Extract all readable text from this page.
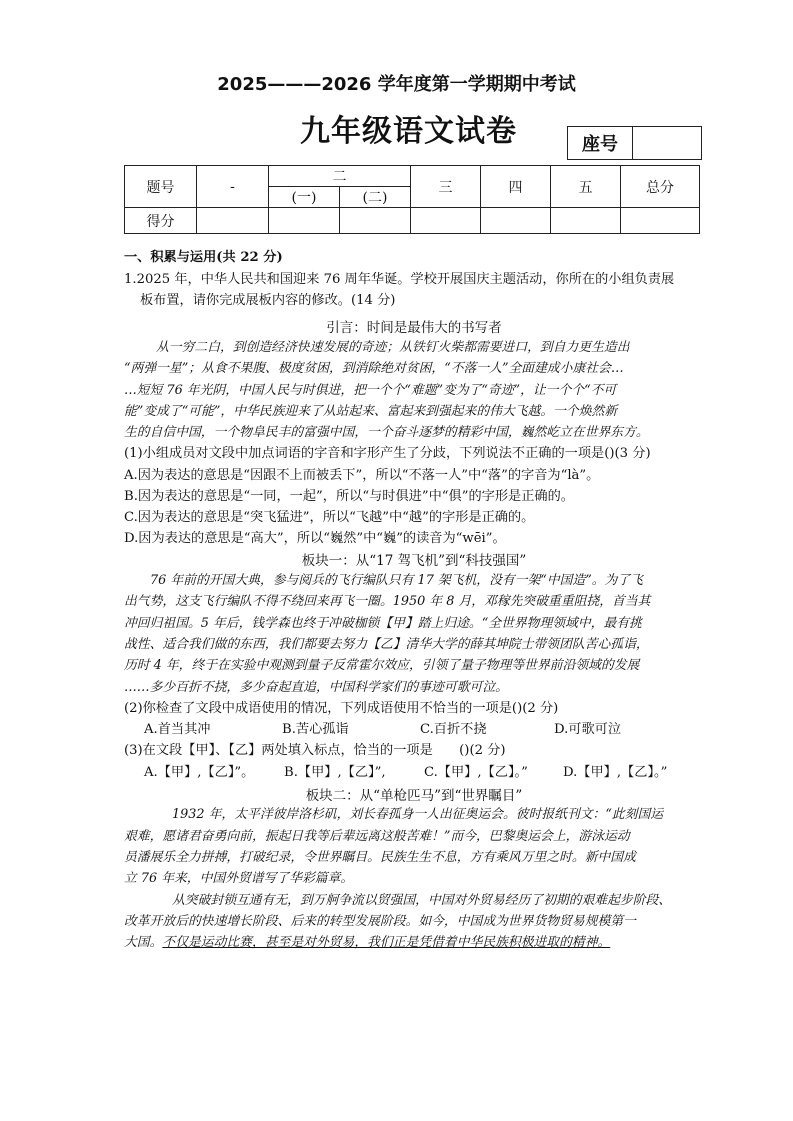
2025———2026 学年度第一学期期中考试
九年级语文试卷	座号	
题号	-	二		三	四	五	总分
		(一)	(二)				
得分							
一、积累与运用(共 22 分)
1.2025 年，中华人民共和国迎来 76 周年华诞。学校开展国庆主题活动，你所在的小组负责展
板布置，请你完成展板内容的修改。(14 分)
引言：时间是最伟大的书写者
从一穷二白，到创造经济快速发展的奇迹；从铁钉火柴都需要进口，到自力更生造出
“两弹一星”；从食不果腹、极度贫困，到消除绝对贫困，“不落一人”全面建成小康社会…
…短短 76 年光阴，中国人民与时俱进，把一个个“难题”变为了“奇迹”，让一个个“不可
能”变成了“可能”，中华民族迎来了从站起来、富起来到强起来的伟大飞越。一个焕然新
生的自信中国，一个物阜民丰的富强中国，一个奋斗逐梦的精彩中国，巍然屹立在世界东方。
(1)小组成员对文段中加点词语的字音和字形产生了分歧，下列说法不正确的一项是()(3 分)
A.因为表达的意思是“因跟不上而被丢下”，所以“不落一人”中“落”的字音为“là”。
B.因为表达的意思是“一同，一起”，所以“与时俱进”中“俱”的字形是正确的。
C.因为表达的意思是“突飞猛进”，所以“飞越”中“越”的字形是正确的。
D.因为表达的意思是“高大”，所以“巍然”中“巍”的读音为“wēi”。
板块一：从“17 驾飞机”到“科技强国”
76 年前的开国大典，参与阅兵的飞行编队只有 17 架飞机，没有一架“中国造”。为了飞
出气势，这支飞行编队不得不绕回来再飞一圈。1950 年 8 月，邓稼先突破重重阻挠，首当其
冲回归祖国。5 年后，钱学森也终于冲破枷锁【甲】踏上归途。“全世界物理领域中，最有挑
战性、适合我们做的东西，我们都要去努力【乙】清华大学的薛其坤院士带领团队苦心孤诣，
历时 4 年，终于在实验中观测到量子反常霍尔效应，引领了量子物理等世界前沿领域的发展
……多少百折不挠，多少奋起直追，中国科学家们的事迹可歌可泣。
(2)你检查了文段中成语使用的情况，下列成语使用不恰当的一项是()(2 分)
A.首当其冲	B.苦心孤诣	C.百折不挠	D.可歌可泣
(3)在文段【甲】、【乙】两处填入标点，恰当的一项是　　()(2 分)
A.【甲】,【乙】”。	B.【甲】,【乙】”,	C.【甲】,【乙】。”	D.【甲】,【乙】。”
板块二：从“单枪匹马”到“世界瞩目”
1932 年，太平洋彼岸洛杉矶，刘长春孤身一人出征奥运会。彼时报纸刊文：“此刻国运
艰难，愿诸君奋勇向前，振起日我等后辈远离这般苦难！”而今，巴黎奥运会上，游泳运动
员潘展乐全力拼搏，打破纪录，令世界瞩目。民族生生不息，方有乘风万里之时。新中国成
立 76 年来，中国外贸谱写了华彩篇章。
从突破封锁互通有无，到万舸争流以贸强国，中国对外贸易经历了初期的艰难起步阶段、
改革开放后的快速增长阶段、后来的转型发展阶段。如今，中国成为世界货物贸易规模第一
大国。不仅是运动比赛，甚至是对外贸易，我们正是凭借着中华民族积极进取的精神。
